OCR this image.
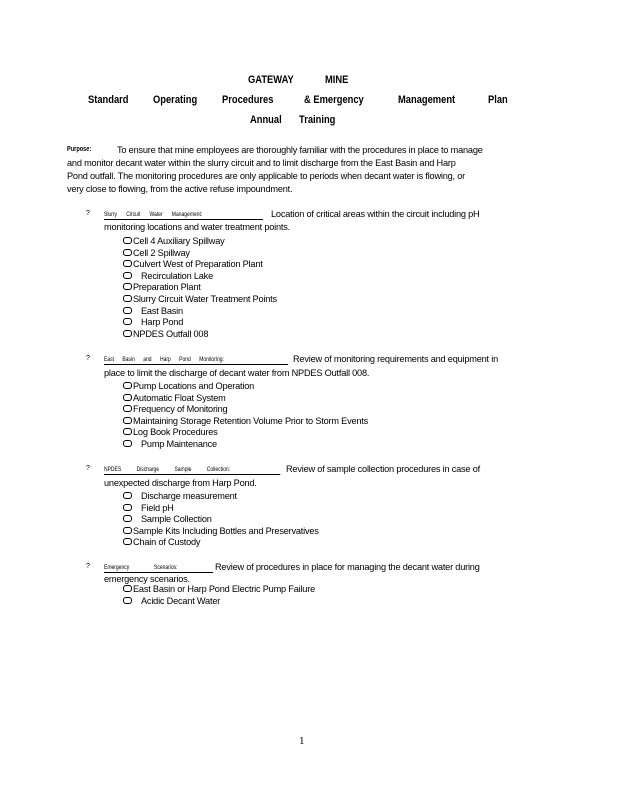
GATEWAY	MINE
Standard Operating Procedures	& Emergency	Management	Plan
Annual Training
Purpose:	To ensure that mine employees are thoroughly familiar with the procedures in place to manage
and monitor decant water within the slurry circuit and to limit discharge from the East Basin and Harp
Pond outfall. The monitoring procedures are only applicable to periods when decant water is flowing, or
very close to flowing, from the active refuse impoundment.
? Slurry Circuit Water Management:	Location of critical areas within the circuit including pH
monitoring locations and water treatment points.
Cell 4 Auxiliary Spillway
Cell 2 Spillway
Culvert West of Preparation Plant
Recirculation Lake
Preparation Plant
Slurry Circuit Water Treatment Points
East Basin
Harp Pond
NPDES Outfall 008
? East Basin and Harp Pond Monitoring:	Review of monitoring requirements and equipment in
place to limit the discharge of decant water from NPDES Outfall 008.
Pump Locations and Operation
Automatic Float System
Frequency of Monitoring
Maintaining Storage Retention Volume Prior to Storm Events
Log Book Procedures
Pump Maintenance
? NPDES Discharge Sample Collection:	Review of sample collection procedures in case of
unexpected discharge from Harp Pond.
Discharge measurement
Field pH
Sample Collection
Sample Kits Including Bottles and Preservatives
Chain of Custody
? Emergency Scenarios:	Review of procedures in place for managing the decant water during
emergency scenarios.
East Basin or Harp Pond Electric Pump Failure
Acidic Decant Water
1
